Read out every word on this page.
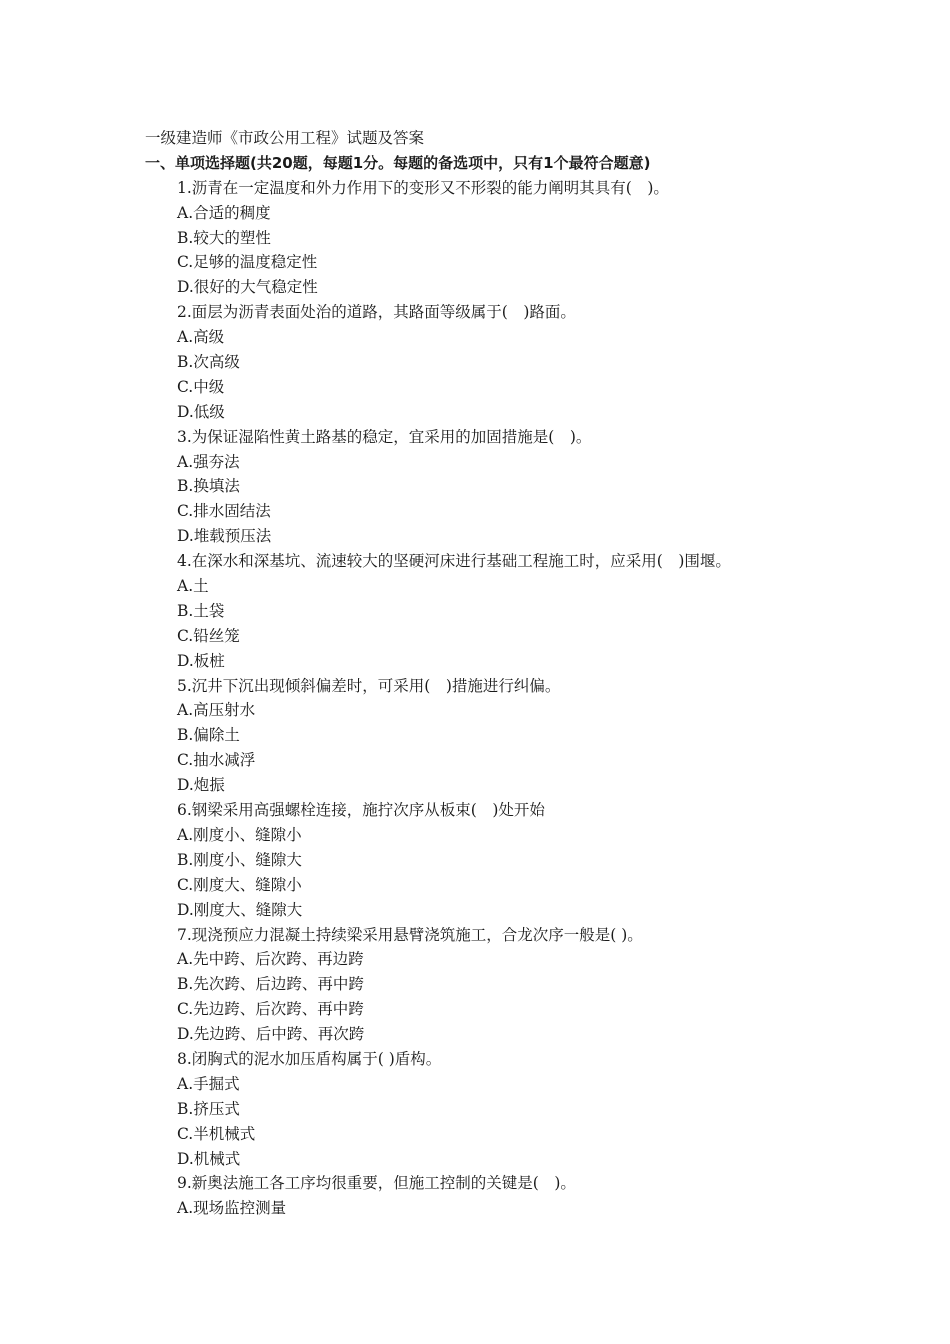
一级建造师《市政公用工程》试题及答案
一、单项选择题(共20题，每题1分。每题的备选项中，只有1个最符合题意)
1.沥青在一定温度和外力作用下的变形又不形裂的能力阐明其具有(　)。
A.合适的稠度
B.较大的塑性
C.足够的温度稳定性
D.很好的大气稳定性
2.面层为沥青表面处治的道路，其路面等级属于(　)路面。
A.高级
B.次高级
C.中级
D.低级
3.为保证湿陷性黄土路基的稳定，宜采用的加固措施是(　)。
A.强夯法
B.换填法
C.排水固结法
D.堆载预压法
4.在深水和深基坑、流速较大的坚硬河床进行基础工程施工时，应采用(　)围堰。
A.土
B.土袋
C.铅丝笼
D.板桩
5.沉井下沉出现倾斜偏差时，可采用(　)措施进行纠偏。
A.高压射水
B.偏除土
C.抽水减浮
D.炮振
6.钢梁采用高强螺栓连接，施拧次序从板束(　)处开始
A.刚度小、缝隙小
B.刚度小、缝隙大
C.刚度大、缝隙小
D.刚度大、缝隙大
7.现浇预应力混凝土持续梁采用悬臂浇筑施工，合龙次序一般是( )。
A.先中跨、后次跨、再边跨
B.先次跨、后边跨、再中跨
C.先边跨、后次跨、再中跨
D.先边跨、后中跨、再次跨
8.闭胸式的泥水加压盾构属于( )盾构。
A.手掘式
B.挤压式
C.半机械式
D.机械式
9.新奥法施工各工序均很重要，但施工控制的关键是(　)。
A.现场监控测量
